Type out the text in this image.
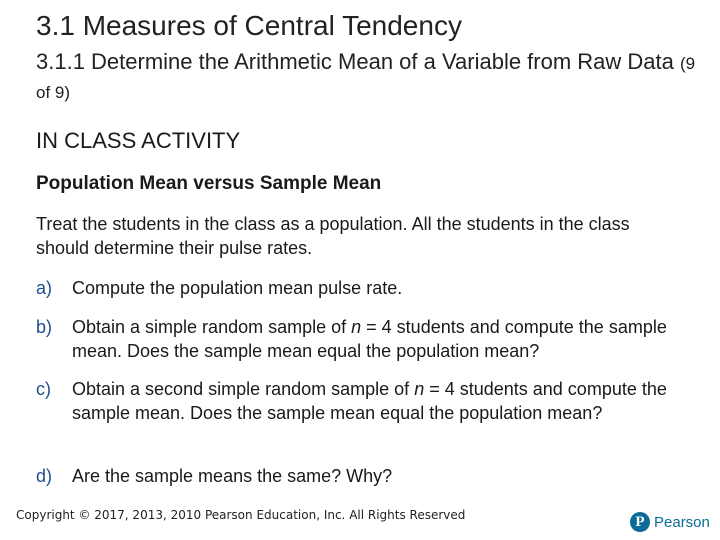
3.1 Measures of Central Tendency
3.1.1 Determine the Arithmetic Mean of a Variable from Raw Data (9 of 9)
IN CLASS ACTIVITY
Population Mean versus Sample Mean
Treat the students in the class as a population. All the students in the class should determine their pulse rates.
a) Compute the population mean pulse rate.
b) Obtain a simple random sample of n = 4 students and compute the sample mean. Does the sample mean equal the population mean?
c) Obtain a second simple random sample of n = 4 students and compute the sample mean. Does the sample mean equal the population mean?
d) Are the sample means the same? Why?
Copyright © 2017, 2013, 2010 Pearson Education, Inc. All Rights Reserved	P Pearson
